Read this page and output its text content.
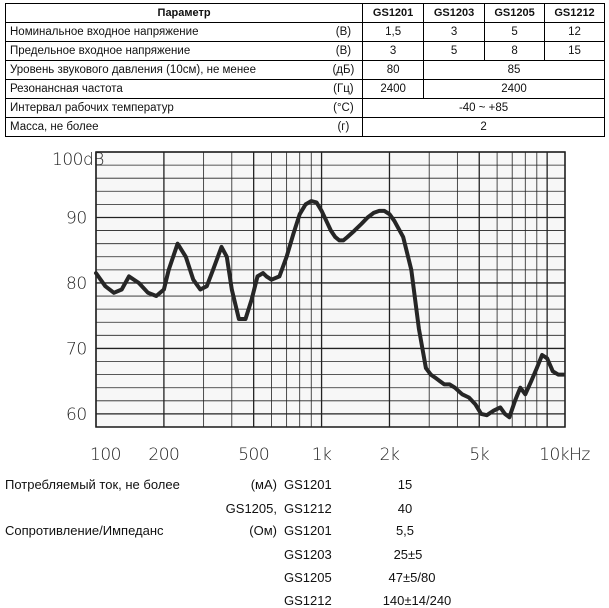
Параметр		GS1201	GS1203	GS1205	GS1212
Номинальное входное напряжение	(В)	1,5	3	5	12
Предельное входное напряжение	(В)	3	5	8	15
Уровень звукового давления (10см), не менее	(дБ)	80	85		
Резонансная частота	(Гц)	2400	2400		
Интервал рабочих температур	(°C)	-40 ~ +85			
Масса, не более	(г)	2			
100dB
90
80
70
60
100 200	500	1k	2k	5k	10kHz
Потребляемый ток, не более	(мА) GS1201	15
GS1205, GS1212	40
Сопротивление/Импеданс	(Ом) GS1201	5,5
GS1203	25±5
GS1205	47±5/80
GS1212	140±14/240
